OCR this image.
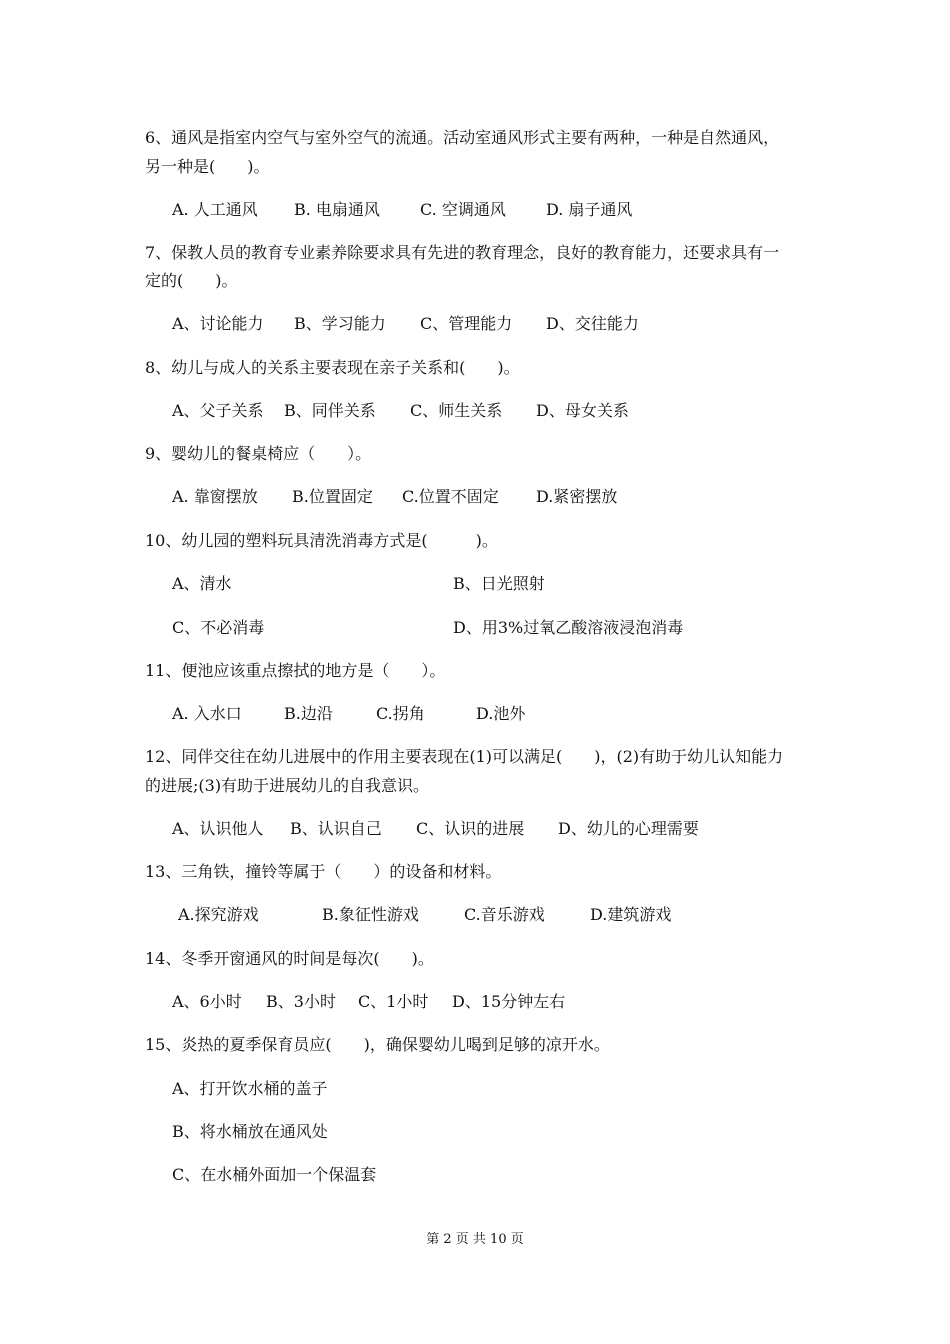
6、通风是指室内空气与室外空气的流通。活动室通风形式主要有两种，一种是自然通风，
另一种是(　　)。
A. 人工通风 B. 电扇通风	C. 空调通风	D. 扇子通风
7、保教人员的教育专业素养除要求具有先进的教育理念，良好的教育能力，还要求具有一
定的(　　)。
A、讨论能力 B、学习能力 C、管理能力 D、交往能力
8、幼儿与成人的关系主要表现在亲子关系和(　　)。
A、父子关系 B、同伴关系 C、师生关系 D、母女关系
9、婴幼儿的餐桌椅应（　　）。
A. 靠窗摆放 B.位置固定 C.位置不固定 D.紧密摆放
10、幼儿园的塑料玩具清洗消毒方式是(　　　)。
A、清水	B、日光照射
C、不必消毒	D、用3%过氧乙酸溶液浸泡消毒
11、便池应该重点擦拭的地方是（　　）。
A. 入水口	B.边沿	C.拐角	D.池外
12、同伴交往在幼儿进展中的作用主要表现在(1)可以满足(　　)，(2)有助于幼儿认知能力
的进展;(3)有助于进展幼儿的自我意识。
A、认识他人 B、认识自己 C、认识的进展 D、幼儿的心理需要
13、三角铁，撞铃等属于（　　）的设备和材料。
A.探究游戏	B.象征性游戏	C.音乐游戏	D.建筑游戏
14、冬季开窗通风的时间是每次(　　)。
A、6小时 B、3小时 C、1小时 D、15分钟左右
15、炎热的夏季保育员应(　　)，确保婴幼儿喝到足够的凉开水。
A、打开饮水桶的盖子
B、将水桶放在通风处
C、在水桶外面加一个保温套
第 2 页 共 10 页
